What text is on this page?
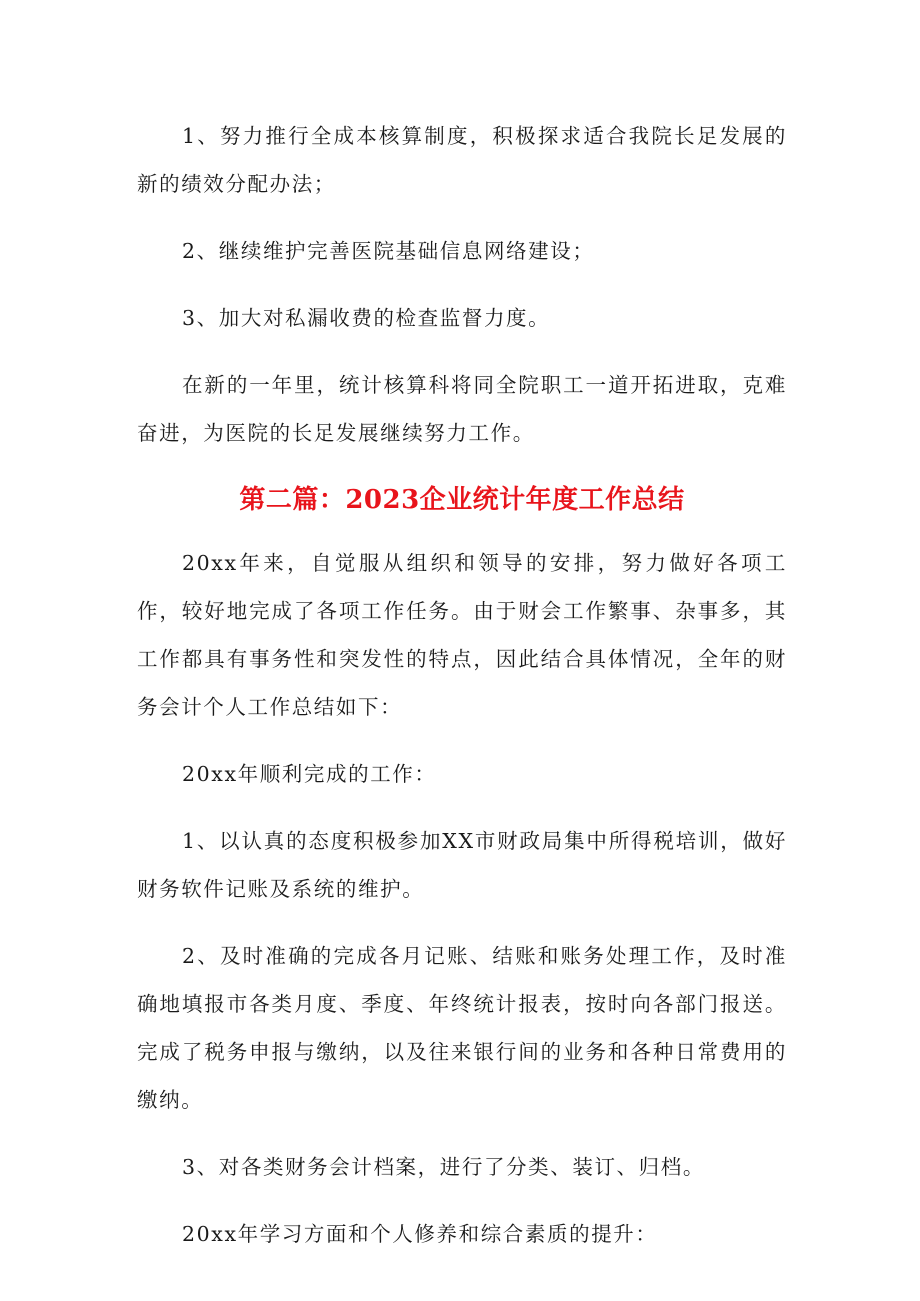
1、努力推行全成本核算制度，积极探求适合我院长足发展的新的绩效分配办法；

2、继续维护完善医院基础信息网络建设；

3、加大对私漏收费的检查监督力度。

在新的一年里，统计核算科将同全院职工一道开拓进取，克难奋进，为医院的长足发展继续努力工作。

第二篇：2023企业统计年度工作总结

20xx年来，自觉服从组织和领导的安排，努力做好各项工作，较好地完成了各项工作任务。由于财会工作繁事、杂事多，其工作都具有事务性和突发性的特点，因此结合具体情况，全年的财务会计个人工作总结如下：

20xx年顺利完成的工作：

1、以认真的态度积极参加XX市财政局集中所得税培训，做好财务软件记账及系统的维护。

2、及时准确的完成各月记账、结账和账务处理工作，及时准确地填报市各类月度、季度、年终统计报表，按时向各部门报送。完成了税务申报与缴纳，以及往来银行间的业务和各种日常费用的缴纳。

3、对各类财务会计档案，进行了分类、装订、归档。

20xx年学习方面和个人修养和综合素质的提升：
